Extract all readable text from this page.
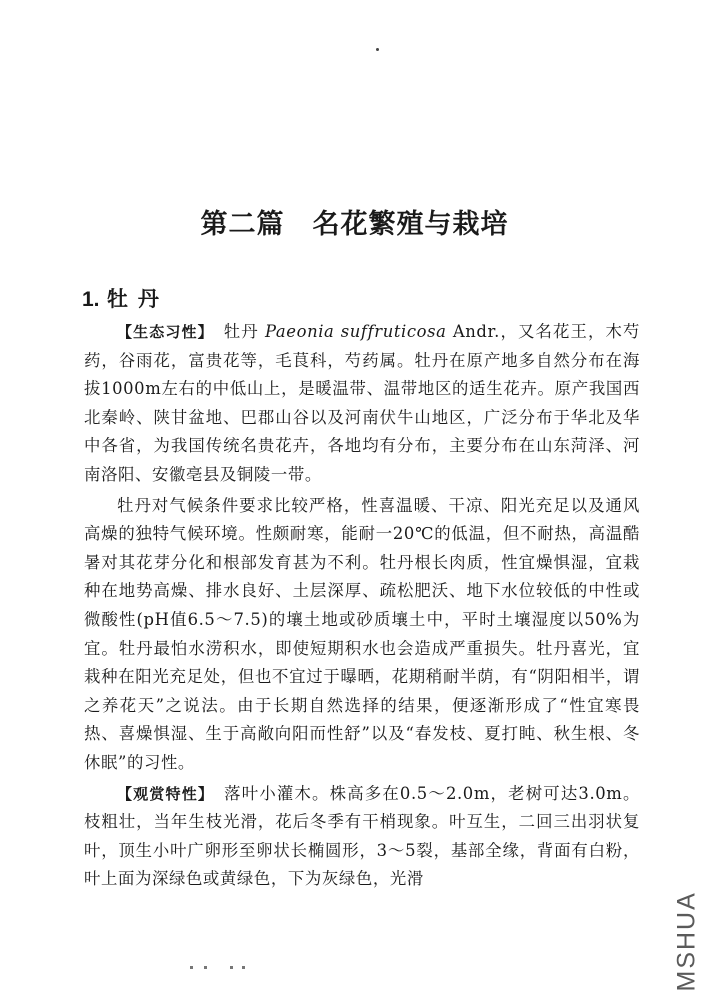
第二篇　名花繁殖与栽培
1. 牡丹

【生态习性】　牡丹 Paeonia suffruticosa Andr.，又名花王，木芍药，谷雨花，富贵花等，毛茛科，芍药属。牡丹在原产地多自然分布在海拔1000m左右的中低山上，是暖温带、温带地区的适生花卉。原产我国西北秦岭、陕甘盆地、巴郡山谷以及河南伏牛山地区，广泛分布于华北及华中各省，为我国传统名贵花卉，各地均有分布，主要分布在山东菏泽、河南洛阳、安徽亳县及铜陵一带。

牡丹对气候条件要求比较严格，性喜温暖、干凉、阳光充足以及通风高燥的独特气候环境。性颇耐寒，能耐一20℃的低温，但不耐热，高温酷暑对其花芽分化和根部发育甚为不利。牡丹根长肉质，性宜燥惧湿，宜栽种在地势高燥、排水良好、土层深厚、疏松肥沃、地下水位较低的中性或微酸性(pH值6.5～7.5)的壤土地或砂质壤土中，平时土壤湿度以50%为宜。牡丹最怕水涝积水，即使短期积水也会造成严重损失。牡丹喜光，宜栽种在阳光充足处，但也不宜过于曝晒，花期稍耐半荫，有“阴阳相半，谓之养花天”之说法。由于长期自然选择的结果，便逐渐形成了“性宜寒畏热、喜燥惧湿、生于高敞向阳而性舒”以及“春发枝、夏打盹、秋生根、冬休眠”的习性。

【观赏特性】　落叶小灌木。株高多在0.5～2.0m，老树可达3.0m。枝粗壮，当年生枝光滑，花后冬季有干梢现象。叶互生，二回三出羽状复叶，顶生小叶广卵形至卵状长椭圆形，3～5裂，基部全缘，背面有白粉，叶上面为深绿色或黄绿色，下为灰绿色，光滑

MSHUA
